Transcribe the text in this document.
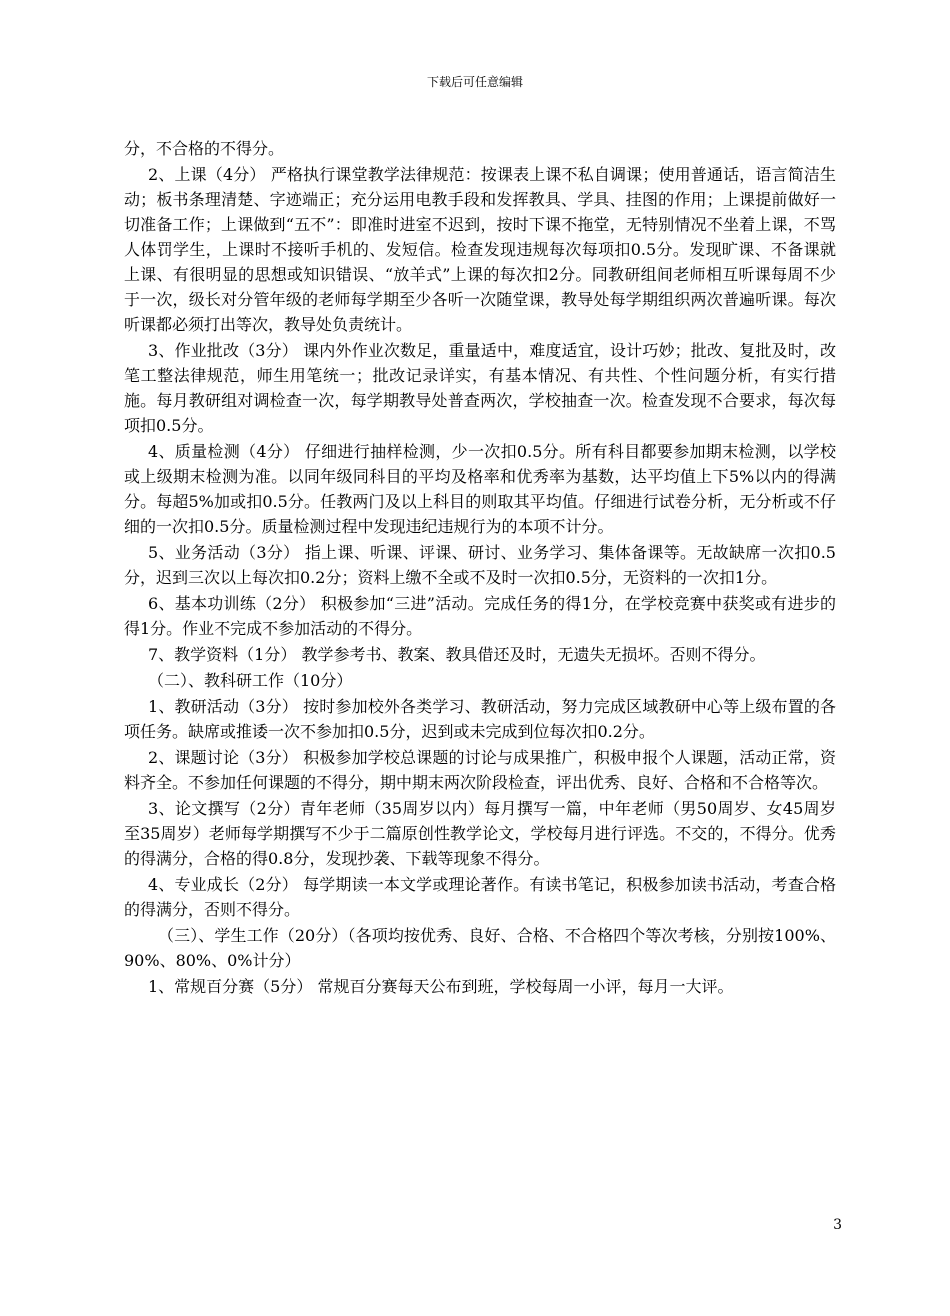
下载后可任意编辑

分，不合格的不得分。

2、上课（4分） 严格执行课堂教学法律规范：按课表上课不私自调课；使用普通话，语言简洁生动；板书条理清楚、字迹端正；充分运用电教手段和发挥教具、学具、挂图的作用；上课提前做好一切准备工作；上课做到“五不”：即准时进室不迟到，按时下课不拖堂，无特别情况不坐着上课，不骂人体罚学生，上课时不接听手机的、发短信。检查发现违规每次每项扣0.5分。发现旷课、不备课就上课、有很明显的思想或知识错误、“放羊式”上课的每次扣2分。同教研组间老师相互听课每周不少于一次，级长对分管年级的老师每学期至少各听一次随堂课，教导处每学期组织两次普遍听课。每次听课都必须打出等次，教导处负责统计。

3、作业批改（3分） 课内外作业次数足，重量适中，难度适宜，设计巧妙；批改、复批及时，改笔工整法律规范，师生用笔统一；批改记录详实，有基本情况、有共性、个性问题分析，有实行措施。每月教研组对调检查一次，每学期教导处普查两次，学校抽查一次。检查发现不合要求，每次每项扣0.5分。

4、质量检测（4分） 仔细进行抽样检测，少一次扣0.5分。所有科目都要参加期末检测，以学校或上级期末检测为准。以同年级同科目的平均及格率和优秀率为基数，达平均值上下5%以内的得满分。每超5%加或扣0.5分。任教两门及以上科目的则取其平均值。仔细进行试卷分析，无分析或不仔细的一次扣0.5分。质量检测过程中发现违纪违规行为的本项不计分。

5、业务活动（3分） 指上课、听课、评课、研讨、业务学习、集体备课等。无故缺席一次扣0.5分，迟到三次以上每次扣0.2分；资料上缴不全或不及时一次扣0.5分，无资料的一次扣1分。

6、基本功训练（2分） 积极参加“三进”活动。完成任务的得1分，在学校竞赛中获奖或有进步的得1分。作业不完成不参加活动的不得分。

7、教学资料（1分） 教学参考书、教案、教具借还及时，无遗失无损坏。否则不得分。

（二）、教科研工作（10分）

1、教研活动（3分） 按时参加校外各类学习、教研活动，努力完成区域教研中心等上级布置的各项任务。缺席或推诿一次不参加扣0.5分，迟到或未完成到位每次扣0.2分。

2、课题讨论（3分） 积极参加学校总课题的讨论与成果推广，积极申报个人课题，活动正常，资料齐全。不参加任何课题的不得分，期中期末两次阶段检查，评出优秀、良好、合格和不合格等次。

3、论文撰写（2分）青年老师（35周岁以内）每月撰写一篇，中年老师（男50周岁、女45周岁至35周岁）老师每学期撰写不少于二篇原创性教学论文，学校每月进行评选。不交的，不得分。优秀的得满分，合格的得0.8分，发现抄袭、下载等现象不得分。

4、专业成长（2分） 每学期读一本文学或理论著作。有读书笔记，积极参加读书活动，考查合格的得满分，否则不得分。

（三）、学生工作（20分）（各项均按优秀、良好、合格、不合格四个等次考核，分别按100%、90%、80%、0%计分）

1、常规百分赛（5分） 常规百分赛每天公布到班，学校每周一小评，每月一大评。

3
